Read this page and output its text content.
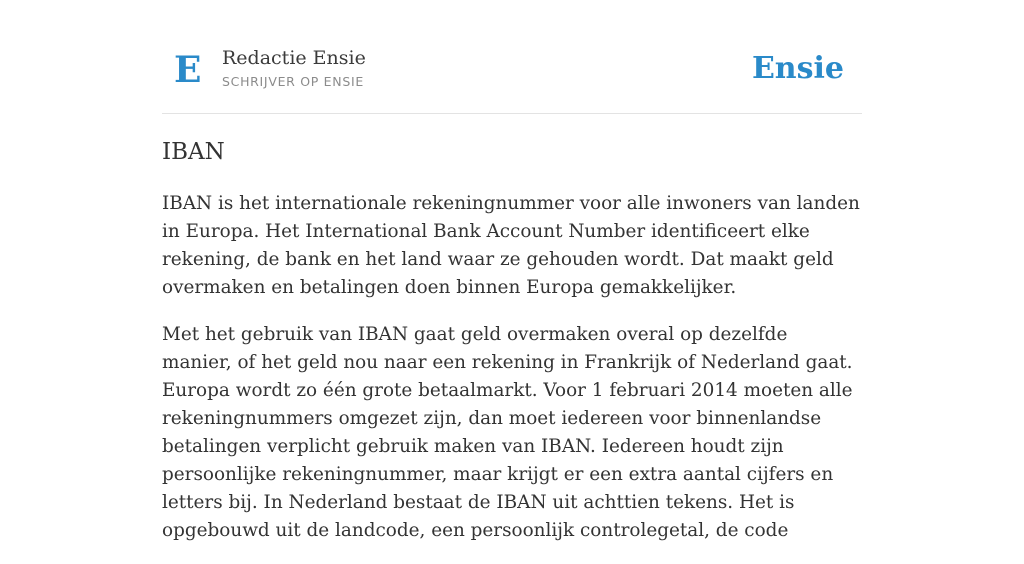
E Redactie Ensie
SCHRIJVER OP ENSIE	Ensie
IBAN

IBAN is het internationale rekeningnummer voor alle inwoners van landen in Europa. Het International Bank Account Number identificeert elke rekening, de bank en het land waar ze gehouden wordt. Dat maakt geld overmaken en betalingen doen binnen Europa gemakkelijker.

Met het gebruik van IBAN gaat geld overmaken overal op dezelfde manier, of het geld nou naar een rekening in Frankrijk of Nederland gaat. Europa wordt zo één grote betaalmarkt. Voor 1 februari 2014 moeten alle rekeningnummers omgezet zijn, dan moet iedereen voor binnenlandse betalingen verplicht gebruik maken van IBAN. Iedereen houdt zijn persoonlijke rekeningnummer, maar krijgt er een extra aantal cijfers en letters bij. In Nederland bestaat de IBAN uit achttien tekens. Het is opgebouwd uit de landcode, een persoonlijk controlegetal, de code
